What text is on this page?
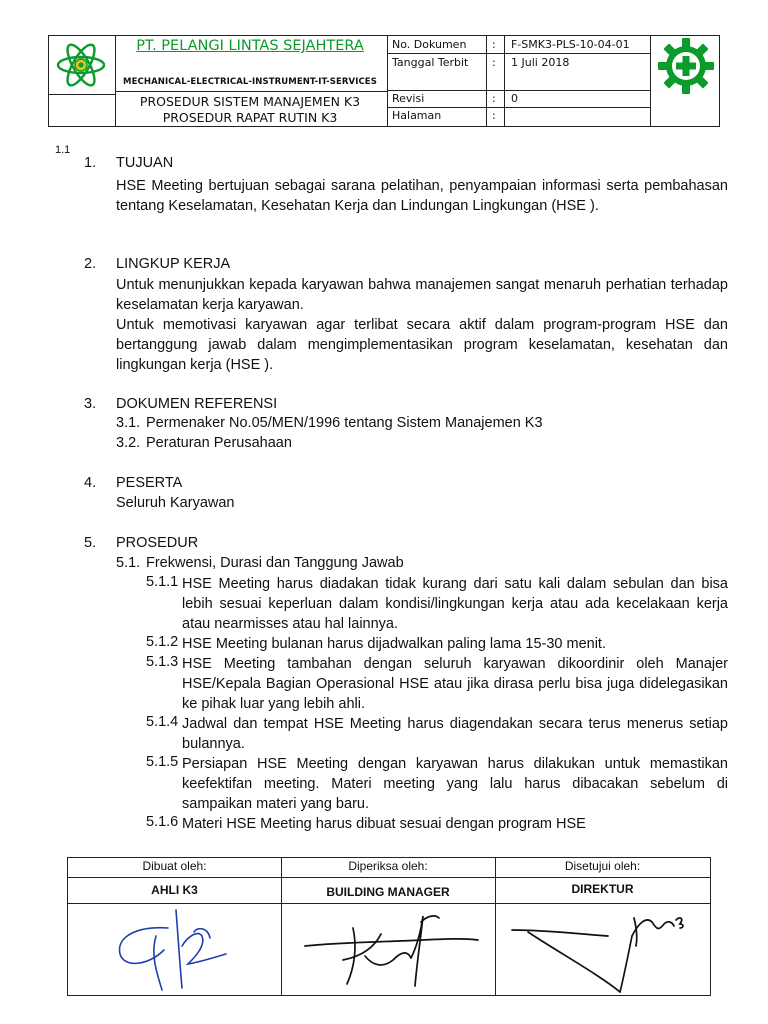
PT. PELANGI LINTAS SEJAHTERA
MECHANICAL-ELECTRICAL-INSTRUMENT-IT-SERVICES
PROSEDUR SISTEM MANAJEMEN K3
PROSEDUR RAPAT RUTIN K3
No. Dokumen : F-SMK3-PLS-10-04-01
Tanggal Terbit : 1 Juli 2018
Revisi	: 0
Halaman	:
1.1
1. TUJUAN

HSE Meeting bertujuan sebagai sarana pelatihan, penyampaian informasi serta pembahasan tentang Keselamatan, Kesehatan Kerja dan Lindungan Lingkungan (HSE ).

2. LINGKUP KERJA

Untuk menunjukkan kepada karyawan bahwa manajemen sangat menaruh perhatian terhadap keselamatan kerja karyawan.

Untuk memotivasi karyawan agar terlibat secara aktif dalam program-program HSE dan bertanggung jawab dalam mengimplementasikan program keselamatan, kesehatan dan lingkungan kerja (HSE ).

3. DOKUMEN REFERENSI
3.1. Permenaker No.05/MEN/1996 tentang Sistem Manajemen K3
3.2. Peraturan Perusahaan
4. PESERTA
Seluruh Karyawan
5. PROSEDUR
5.1. Frekwensi, Durasi dan Tanggung Jawab
5.1.1 HSE Meeting harus diadakan tidak kurang dari satu kali dalam sebulan dan bisa lebih sesuai keperluan dalam kondisi/lingkungan kerja atau ada kecelakaan kerja atau nearmisses atau hal lainnya.
5.1.2 HSE Meeting bulanan harus dijadwalkan paling lama 15-30 menit.
5.1.3 HSE Meeting tambahan dengan seluruh karyawan dikoordinir oleh Manajer HSE/Kepala Bagian Operasional HSE atau jika dirasa perlu bisa juga didelegasikan ke pihak luar yang lebih ahli.
5.1.4 Jadwal dan tempat HSE Meeting harus diagendakan secara terus menerus setiap bulannya.
5.1.5 Persiapan HSE Meeting dengan karyawan harus dilakukan untuk memastikan keefektifan meeting. Materi meeting yang lalu harus dibacakan sebelum di sampaikan materi yang baru.
5.1.6 Materi HSE Meeting harus dibuat sesuai dengan program HSE
Dibuat oleh:	Diperiksa oleh:	Disetujui oleh:
AHLI K3	BUILDING MANAGER	DIREKTUR
